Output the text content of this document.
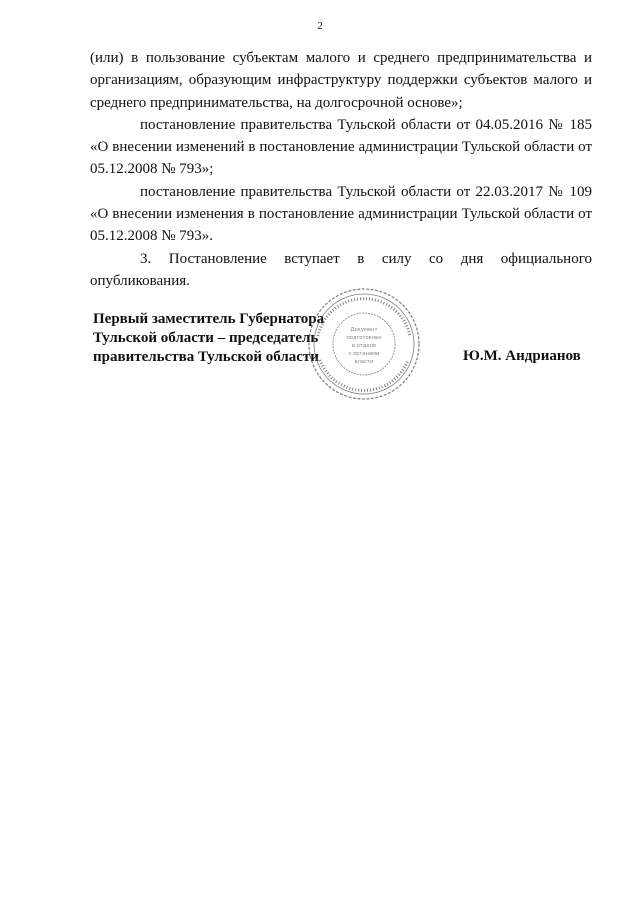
2

(или) в пользование субъектам малого и среднего предпринимательства и организациям, образующим инфраструктуру поддержки субъектов малого и среднего предпринимательства, на долгосрочной основе»;

постановление правительства Тульской области от 04.05.2016 № 185 «О внесении изменений в постановление администрации Тульской области от 05.12.2008 № 793»;

постановление правительства Тульской области от 22.03.2017 № 109 «О внесении изменения в постановление администрации Тульской области от 05.12.2008 № 793».

3. Постановление вступает в силу со дня официального опубликования.

Первый заместитель Губернатора
Тульской области – председатель
правительства Тульской области	Ю.М. Андрианов
Документ
подготовлен
в отделе
с органами
власти
